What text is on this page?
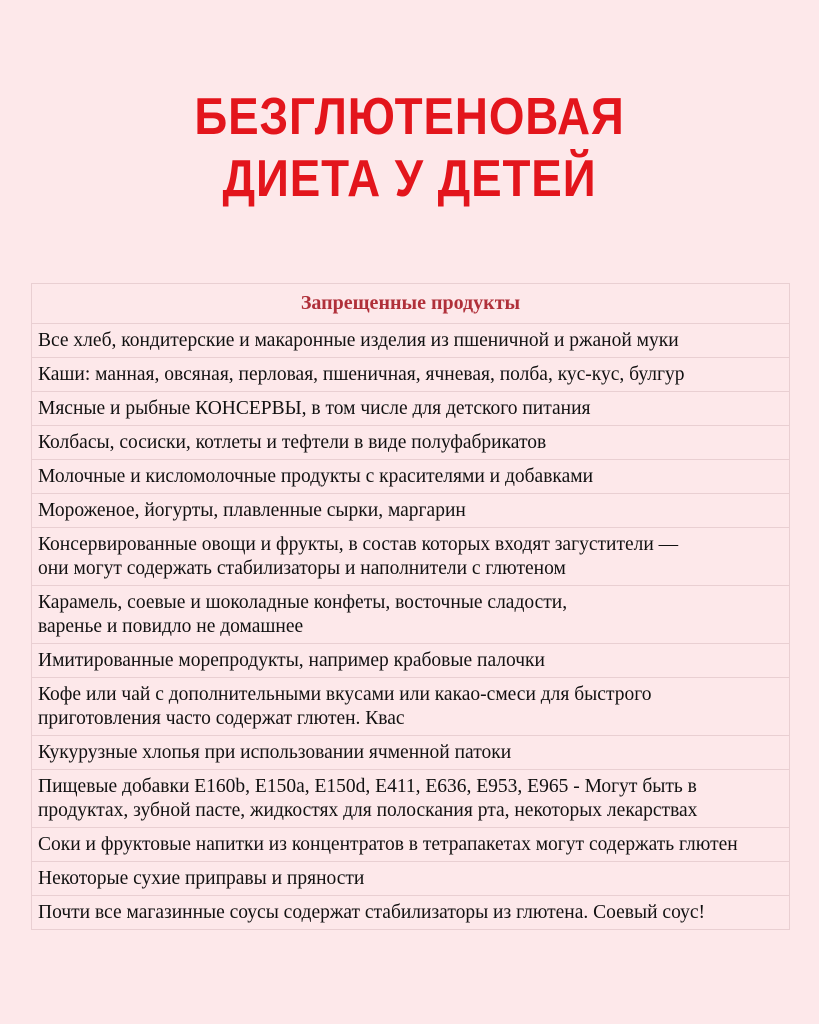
БЕЗГЛЮТЕНОВАЯ
ДИЕТА У ДЕТЕЙ
Запрещенные продукты
Все хлеб, кондитерские и макаронные изделия из пшеничной и ржаной муки
Каши: манная, овсяная, перловая, пшеничная, ячневая, полба, кус-кус, булгур
Мясные и рыбные КОНСЕРВЫ, в том числе для детского питания
Колбасы, сосиски, котлеты и тефтели в виде полуфабрикатов
Молочные и кисломолочные продукты с красителями и добавками
Мороженое, йогурты, плавленные сырки, маргарин
Консервированные овощи и фрукты, в состав которых входят загустители —
они могут содержать стабилизаторы и наполнители с глютеном
Карамель, соевые и шоколадные конфеты, восточные сладости,
варенье и повидло не домашнее
Имитированные морепродукты, например крабовые палочки
Кофе или чай с дополнительными вкусами или какао-смеси для быстрого
приготовления часто содержат глютен. Квас
Кукурузные хлопья при использовании ячменной патоки
Пищевые добавки Е160b, Е150а, Е150d, Е411, Е636, Е953, Е965 - Могут быть в
продуктах, зубной пасте, жидкостях для полоскания рта, некоторых лекарствах
Соки и фруктовые напитки из концентратов в тетрапакетах могут содержать глютен
Некоторые сухие приправы и пряности
Почти все магазинные соусы содержат стабилизаторы из глютена. Соевый соус!
